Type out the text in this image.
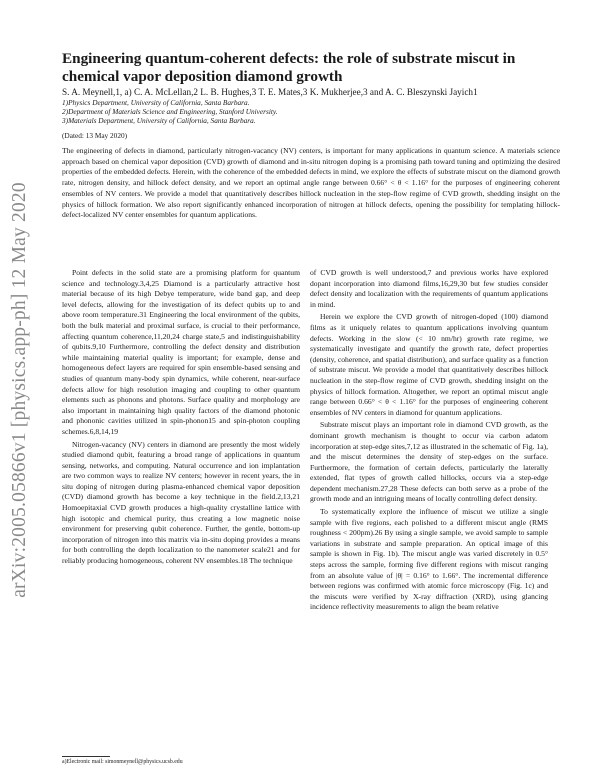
arXiv:2005.05866v1 [physics.app-ph] 12 May 2020
Engineering quantum-coherent defects: the role of substrate miscut in chemical vapor deposition diamond growth
S. A. Meynell,1, a) C. A. McLellan,2 L. B. Hughes,3 T. E. Mates,3 K. Mukherjee,3 and A. C. Bleszynski Jayich1
1)Physics Department, University of California, Santa Barbara.
2)Department of Materials Science and Engineering, Stanford University.
3)Materials Department, University of California, Santa Barbara.
(Dated: 13 May 2020)

The engineering of defects in diamond, particularly nitrogen-vacancy (NV) centers, is important for many applications in quantum science. A materials science approach based on chemical vapor deposition (CVD) growth of diamond and in-situ nitrogen doping is a promising path toward tuning and optimizing the desired properties of the embedded defects. Herein, with the coherence of the embedded defects in mind, we explore the effects of substrate miscut on the diamond growth rate, nitrogen density, and hillock defect density, and we report an optimal angle range between 0.66° < θ < 1.16° for the purposes of engineering coherent ensembles of NV centers. We provide a model that quantitatively describes hillock nucleation in the step-flow regime of CVD growth, shedding insight on the physics of hillock formation. We also report significantly enhanced incorporation of nitrogen at hillock defects, opening the possibility for templating hillock-defect-localized NV center ensembles for quantum applications.

Point defects in the solid state are a promising platform for quantum science and technology.3,4,25 Diamond is a particularly attractive host material because of its high Debye temperature, wide band gap, and deep level defects, allowing for the investigation of its defect qubits up to and above room temperature.31 Engineering the local environment of the qubits, both the bulk material and proximal surface, is crucial to their performance, affecting quantum coherence,11,20,24 charge state,5 and indistinguishability of qubits.9,10 Furthermore, controlling the defect density and distribution while maintaining material quality is important; for example, dense and homogeneous defect layers are required for spin ensemble-based sensing and studies of quantum many-body spin dynamics, while coherent, near-surface defects allow for high resolution imaging and coupling to other quantum elements such as phonons and photons. Surface quality and morphology are also important in maintaining high quality factors of the diamond photonic and phononic cavities utilized in spin-phonon15 and spin-photon coupling schemes.6,8,14,19

Nitrogen-vacancy (NV) centers in diamond are presently the most widely studied diamond qubit, featuring a broad range of applications in quantum sensing, networks, and computing. Natural occurrence and ion implantation are two common ways to realize NV centers; however in recent years, the in situ doping of nitrogen during plasma-enhanced chemical vapor deposition (CVD) diamond growth has become a key technique in the field.2,13,21 Homoepitaxial CVD growth produces a high-quality crystalline lattice with high isotopic and chemical purity, thus creating a low magnetic noise environment for preserving qubit coherence. Further, the gentle, bottom-up incorporation of nitrogen into this matrix via in-situ doping provides a means for both controlling the depth localization to the nanometer scale21 and for reliably producing homogeneous, coherent NV ensembles.18 The technique

of CVD growth is well understood,7 and previous works have explored dopant incorporation into diamond films,16,29,30 but few studies consider defect density and localization with the requirements of quantum applications in mind.

Herein we explore the CVD growth of nitrogen-doped (100) diamond films as it uniquely relates to quantum applications involving quantum defects. Working in the slow (< 10 nm/hr) growth rate regime, we systematically investigate and quantify the growth rate, defect properties (density, coherence, and spatial distribution), and surface quality as a function of substrate miscut. We provide a model that quantitatively describes hillock nucleation in the step-flow regime of CVD growth, shedding insight on the physics of hillock formation. Altogether, we report an optimal miscut angle range between 0.66° < θ < 1.16° for the purposes of engineering coherent ensembles of NV centers in diamond for quantum applications.

Substrate miscut plays an important role in diamond CVD growth, as the dominant growth mechanism is thought to occur via carbon adatom incorporation at step-edge sites,7,12 as illustrated in the schematic of Fig. 1a), and the miscut determines the density of step-edges on the surface. Furthermore, the formation of certain defects, particularly the laterally extended, flat types of growth called hillocks, occurs via a step-edge dependent mechanism.27,28 These defects can both serve as a probe of the growth mode and an intriguing means of locally controlling defect density.

To systematically explore the influence of miscut we utilize a single sample with five regions, each polished to a different miscut angle (RMS roughness < 200pm).26 By using a single sample, we avoid sample to sample variations in substrate and sample preparation. An optical image of this sample is shown in Fig. 1b). The miscut angle was varied discretely in 0.5° steps across the sample, forming five different regions with miscut ranging from an absolute value of |θ| = 0.16° to 1.66°. The incremental difference between regions was confirmed with atomic force microscopy (Fig. 1c) and the miscuts were verified by X-ray diffraction (XRD), using glancing incidence reflectivity measurements to align the beam relative

a)Electronic mail: simonmeynell@physics.ucsb.edu
